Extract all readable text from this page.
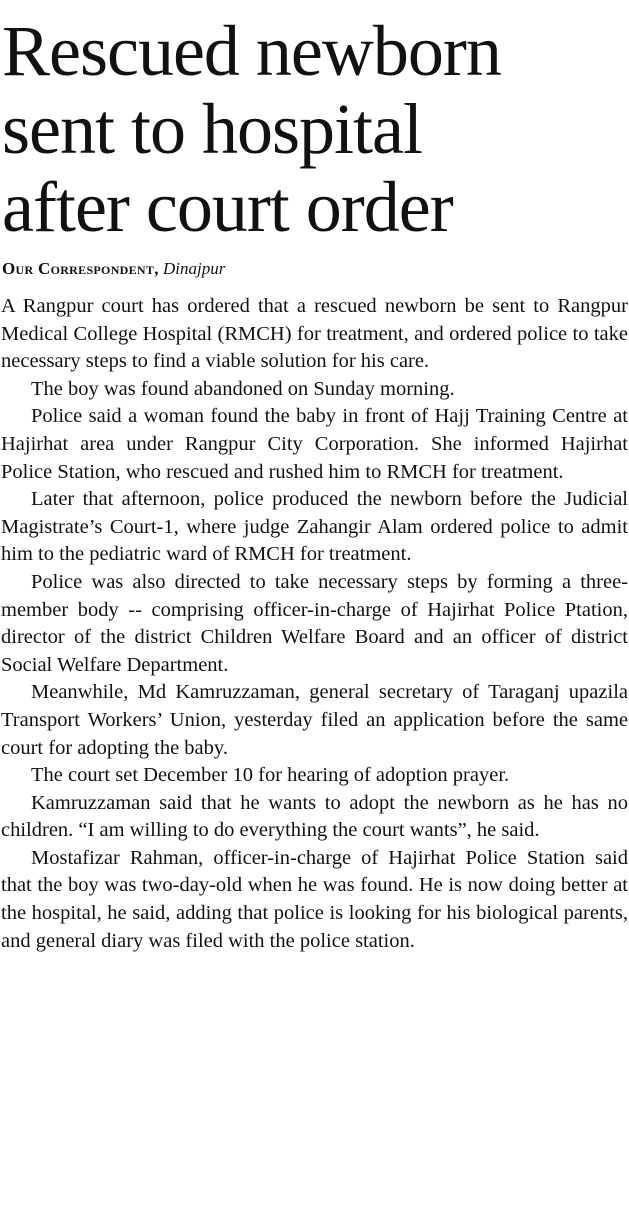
Rescued newborn
sent to hospital
after court order
Our Correspondent, Dinajpur

A Rangpur court has ordered that a rescued newborn be sent to Rangpur Medical College Hospital (RMCH) for treatment, and ordered police to take necessary steps to find a viable solution for his care.

The boy was found abandoned on Sunday morning.

Police said a woman found the baby in front of Hajj Training Centre at Hajirhat area under Rangpur City Corporation. She informed Hajirhat Police Station, who rescued and rushed him to RMCH for treatment.

Later that afternoon, police produced the newborn before the Judicial Magistrate’s Court-1, where judge Zahangir Alam ordered police to admit him to the pediatric ward of RMCH for treatment.

Police was also directed to take necessary steps by forming a three-member body -- comprising officer-in-charge of Hajirhat Police Ptation, director of the district Children Welfare Board and an officer of district Social Welfare Department.

Meanwhile, Md Kamruzzaman, general secretary of Taraganj upazila Transport Workers’ Union, yesterday filed an application before the same court for adopting the baby.

The court set December 10 for hearing of adoption prayer.

Kamruzzaman said that he wants to adopt the newborn as he has no children. “I am willing to do everything the court wants”, he said.

Mostafizar Rahman, officer-in-charge of Hajirhat Police Station said that the boy was two-day-old when he was found. He is now doing better at the hospital, he said, adding that police is looking for his biological parents, and general diary was filed with the police station.
